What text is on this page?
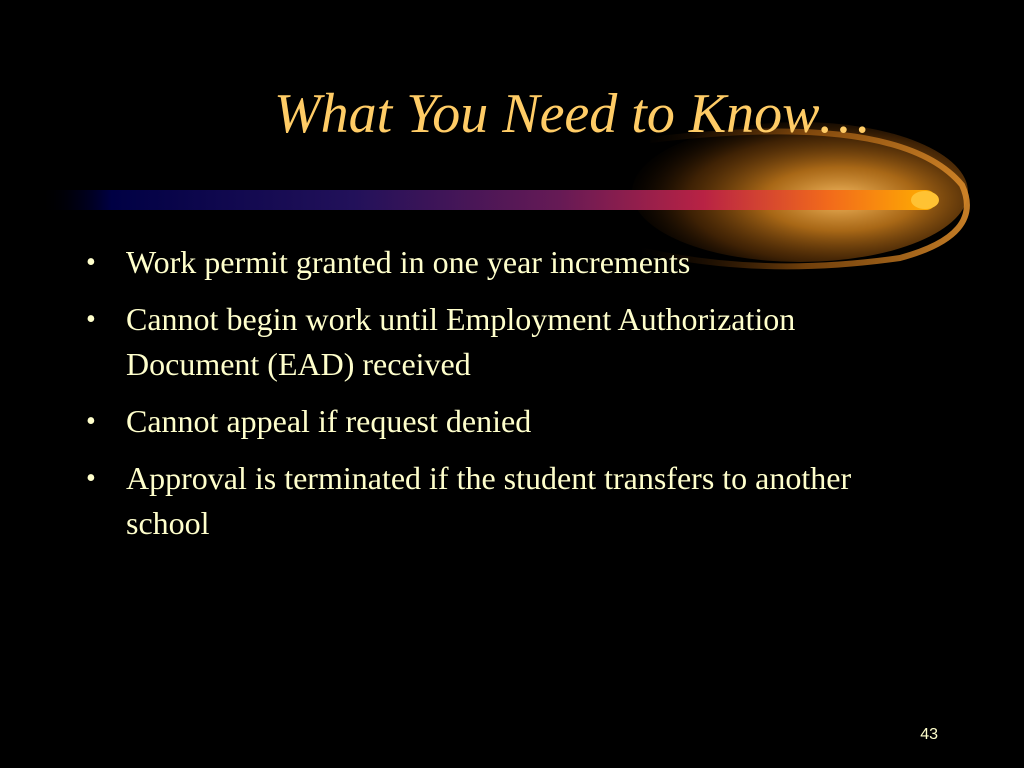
What You Need to Know…
• Work permit granted in one year increments
• Cannot begin work until Employment Authorization Document (EAD) received
• Cannot appeal if request denied
• Approval is terminated if the student transfers to another school
43
